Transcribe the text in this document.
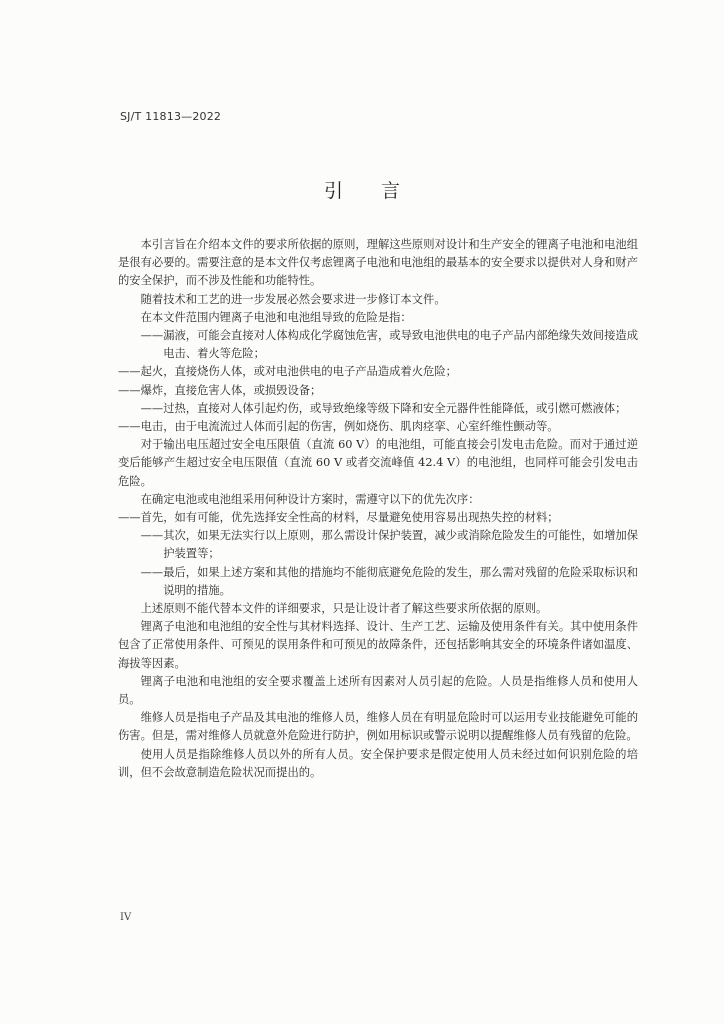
SJ/T 11813—2022
引言

本引言旨在介绍本文件的要求所依据的原则，理解这些原则对设计和生产安全的锂离子电池和电池组是很有必要的。需要注意的是本文件仅考虑锂离子电池和电池组的最基本的安全要求以提供对人身和财产的安全保护，而不涉及性能和功能特性。

随着技术和工艺的进一步发展必然会要求进一步修订本文件。

在本文件范围内锂离子电池和电池组导致的危险是指：

——漏液，可能会直接对人体构成化学腐蚀危害，或导致电池供电的电子产品内部绝缘失效间接造成电击、着火等危险；

——起火，直接烧伤人体，或对电池供电的电子产品造成着火危险；

——爆炸，直接危害人体，或损毁设备；

——过热，直接对人体引起灼伤，或导致绝缘等级下降和安全元器件性能降低，或引燃可燃液体；

——电击，由于电流流过人体而引起的伤害，例如烧伤、肌肉痉挛、心室纤维性颤动等。

对于输出电压超过安全电压限值（直流 60 V）的电池组，可能直接会引发电击危险。而对于通过逆变后能够产生超过安全电压限值（直流 60 V 或者交流峰值 42.4 V）的电池组，也同样可能会引发电击危险。

在确定电池或电池组采用何种设计方案时，需遵守以下的优先次序：

——首先，如有可能，优先选择安全性高的材料，尽量避免使用容易出现热失控的材料；

——其次，如果无法实行以上原则，那么需设计保护装置，减少或消除危险发生的可能性，如增加保护装置等；

——最后，如果上述方案和其他的措施均不能彻底避免危险的发生，那么需对残留的危险采取标识和说明的措施。

上述原则不能代替本文件的详细要求，只是让设计者了解这些要求所依据的原则。

锂离子电池和电池组的安全性与其材料选择、设计、生产工艺、运输及使用条件有关。其中使用条件包含了正常使用条件、可预见的误用条件和可预见的故障条件，还包括影响其安全的环境条件诸如温度、海拔等因素。

锂离子电池和电池组的安全要求覆盖上述所有因素对人员引起的危险。人员是指维修人员和使用人员。

维修人员是指电子产品及其电池的维修人员，维修人员在有明显危险时可以运用专业技能避免可能的伤害。但是，需对维修人员就意外危险进行防护，例如用标识或警示说明以提醒维修人员有残留的危险。

使用人员是指除维修人员以外的所有人员。安全保护要求是假定使用人员未经过如何识别危险的培训，但不会故意制造危险状况而提出的。

IV
